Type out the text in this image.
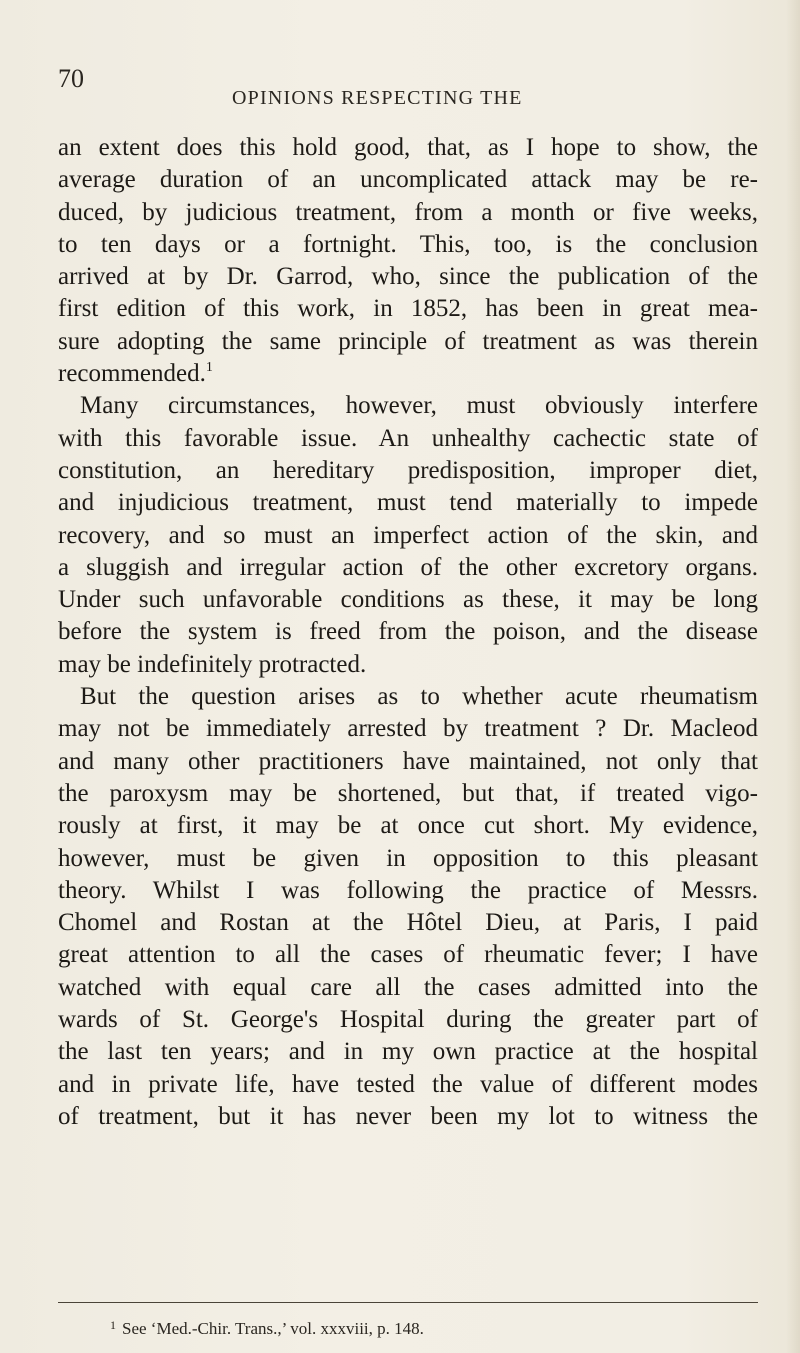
70
OPINIONS RESPECTING THE
an extent does this hold good, that, as I hope to show, the
average duration of an uncomplicated attack may be re-
duced, by judicious treatment, from a month or five weeks,
to ten days or a fortnight. This, too, is the conclusion
arrived at by Dr. Garrod, who, since the publication of the
first edition of this work, in 1852, has been in great mea-
sure adopting the same principle of treatment as was therein
recommended.$^1$
Many circumstances, however, must obviously interfere
with this favorable issue. An unhealthy cachectic state of
constitution, an hereditary predisposition, improper diet,
and injudicious treatment, must tend materially to impede
recovery, and so must an imperfect action of the skin, and
a sluggish and irregular action of the other excretory organs.
Under such unfavorable conditions as these, it may be long
before the system is freed from the poison, and the disease
may be indefinitely protracted.
But the question arises as to whether acute rheumatism
may not be immediately arrested by treatment ? Dr. Macleod
and many other practitioners have maintained, not only that
the paroxysm may be shortened, but that, if treated vigo-
rously at first, it may be at once cut short. My evidence,
however, must be given in opposition to this pleasant
theory. Whilst I was following the practice of Messrs.
Chomel and Rostan at the Hôtel Dieu, at Paris, I paid
great attention to all the cases of rheumatic fever; I have
watched with equal care all the cases admitted into the
wards of St. George's Hospital during the greater part of
the last ten years; and in my own practice at the hospital
and in private life, have tested the value of different modes
of treatment, but it has never been my lot to witness the
$^1$ See ‘Med.-Chir. Trans.,’ vol. xxxviii, p. 148.
